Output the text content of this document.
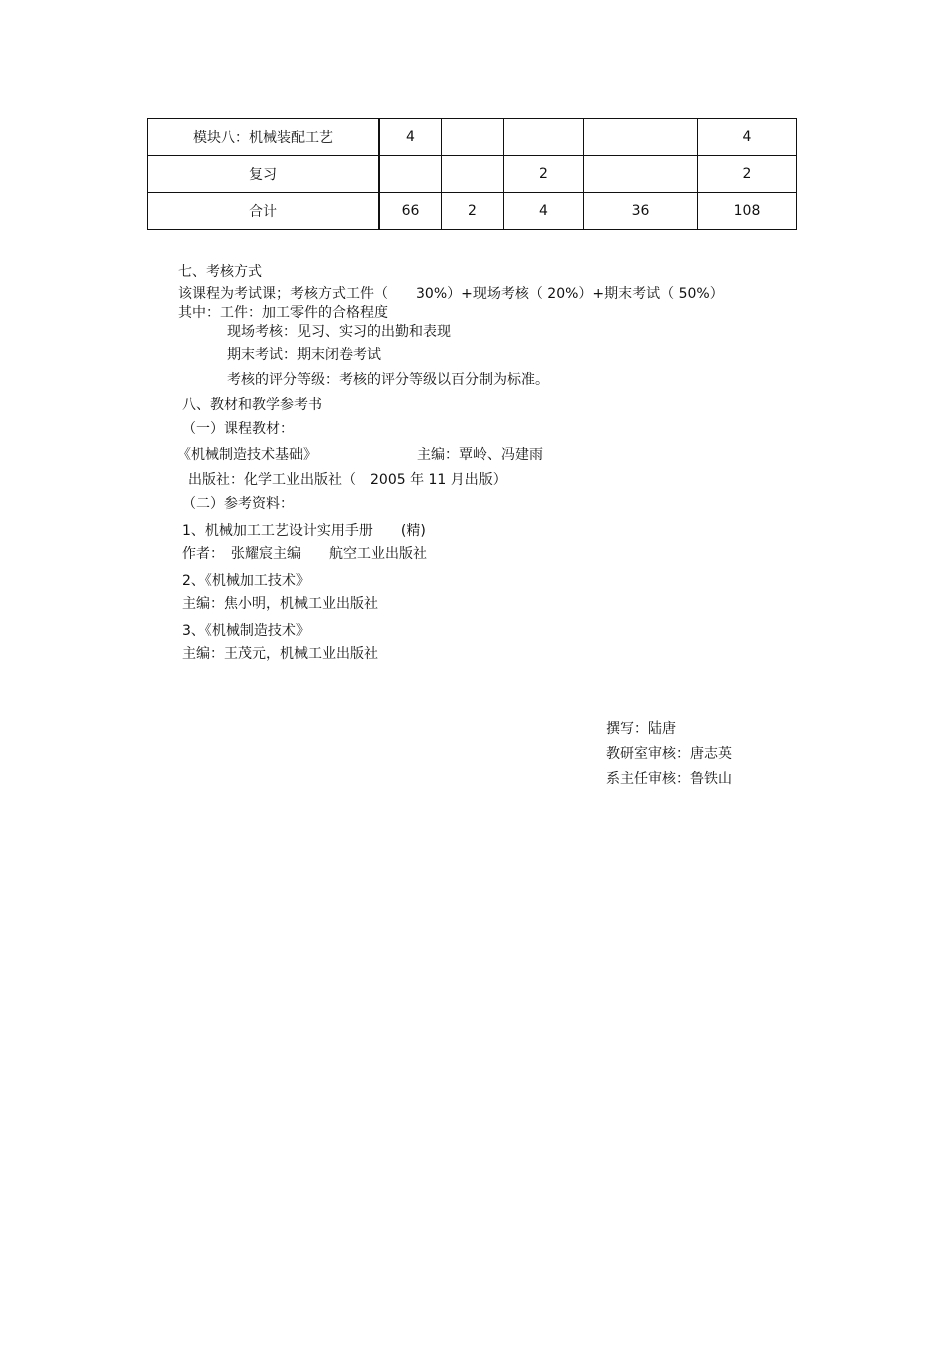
模块八：机械装配工艺	4				4
复习			2		2
合计	66	2	4	36	108
七、考核方式
该课程为考试课；考核方式工件（　　30%）+现场考核（ 20%）+期末考试（ 50%）
其中：工件：加工零件的合格程度
现场考核：见习、实习的出勤和表现
期末考试：期末闭卷考试
考核的评分等级：考核的评分等级以百分制为标准。
八、教材和教学参考书
（一）课程教材：
《机械制造技术基础》	主编：覃岭、冯建雨
出版社：化学工业出版社（　2005 年 11 月出版）
（二）参考资料：
1、机械加工工艺设计实用手册　　(精)
作者：　张耀宸主编　　航空工业出版社
2、《机械加工技术》
主编：焦小明，机械工业出版社
3、《机械制造技术》
主编：王茂元，机械工业出版社
撰写：陆唐
教研室审核：唐志英
系主任审核：鲁铁山
